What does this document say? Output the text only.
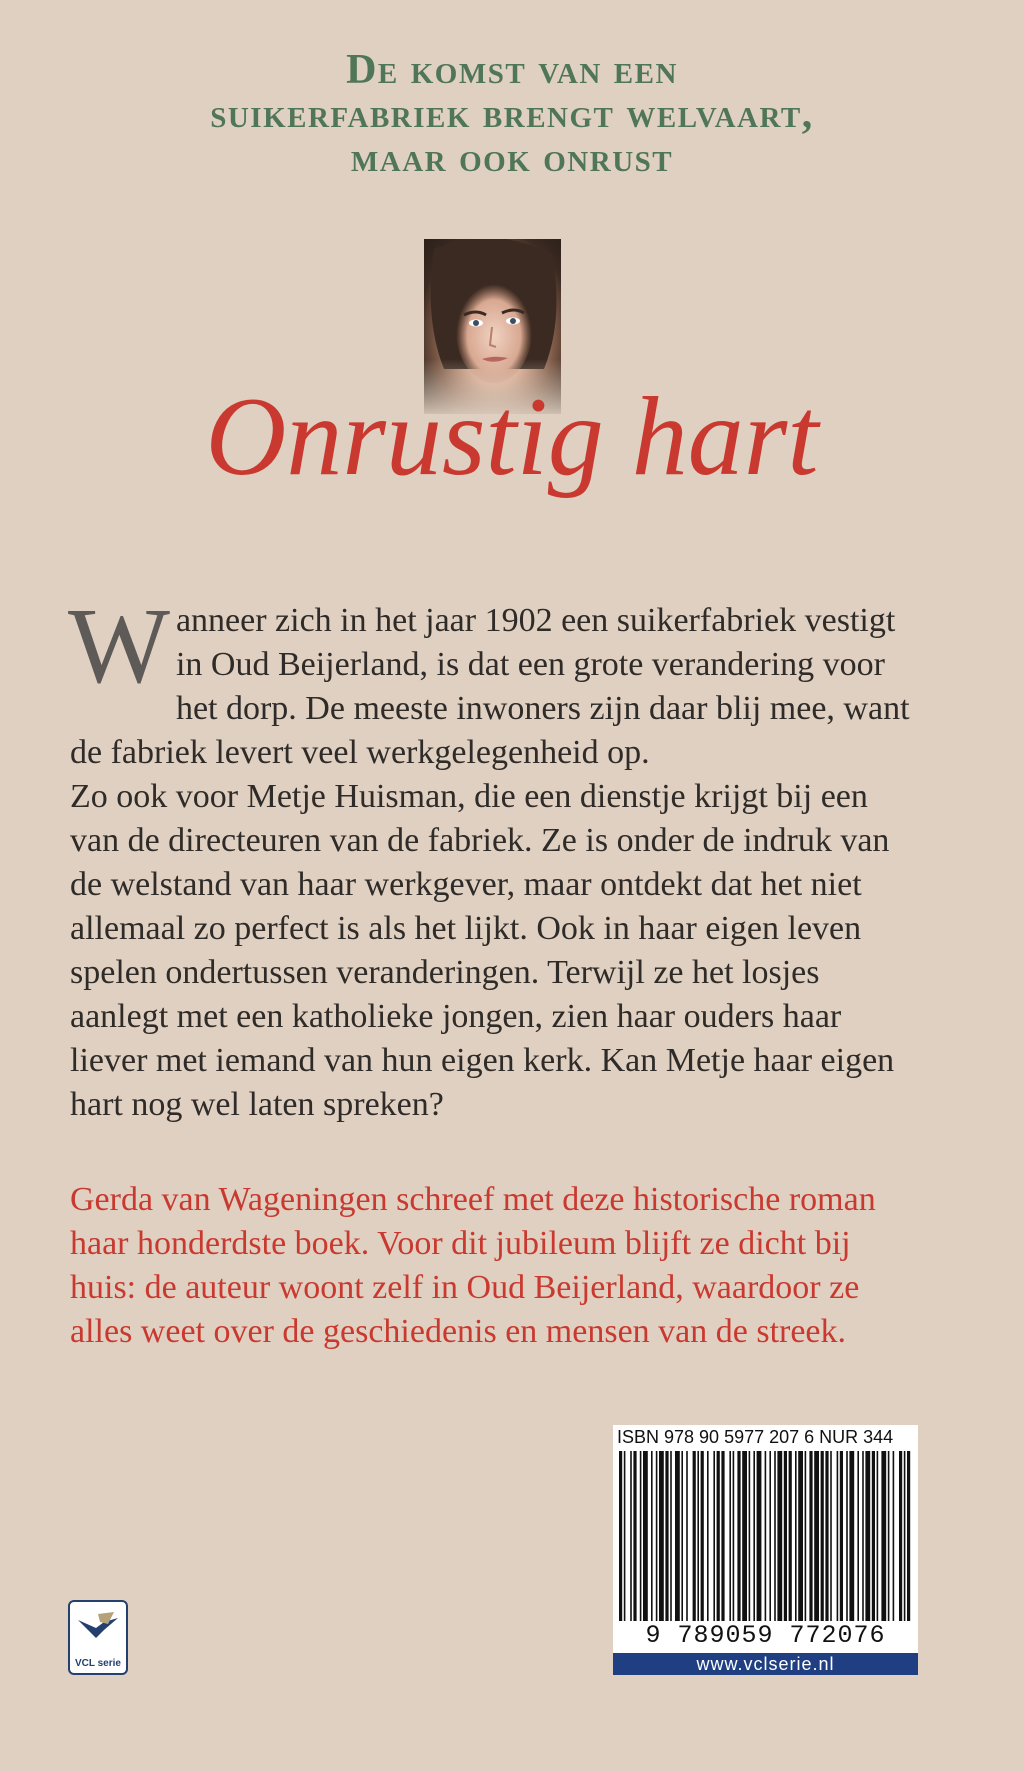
De komst van een
suikerfabriek brengt welvaart,
maar ook onrust
Onrustig hart
W anneer zich in het jaar 1902 een suikerfabriek vestigt in Oud Beijerland, is dat een grote verandering voor het dorp. De meeste inwoners zijn daar blij mee, want de fabriek levert veel werkgelegenheid op.

Zo ook voor Metje Huisman, die een dienstje krijgt bij een van de directeuren van de fabriek. Ze is onder de indruk van de welstand van haar werkgever, maar ontdekt dat het niet allemaal zo perfect is als het lijkt. Ook in haar eigen leven spelen ondertussen veranderingen. Terwijl ze het losjes aanlegt met een katholieke jongen, zien haar ouders haar liever met iemand van hun eigen kerk. Kan Metje haar eigen hart nog wel laten spreken?

Gerda van Wageningen schreef met deze historische roman haar honderdste boek. Voor dit jubileum blijft ze dicht bij huis: de auteur woont zelf in Oud Beijerland, waardoor ze alles weet over de geschiedenis en mensen van de streek.

VCL serie
ISBN 978 90 5977 207 6 NUR 344
9 789059 772076
www.vclserie.nl
